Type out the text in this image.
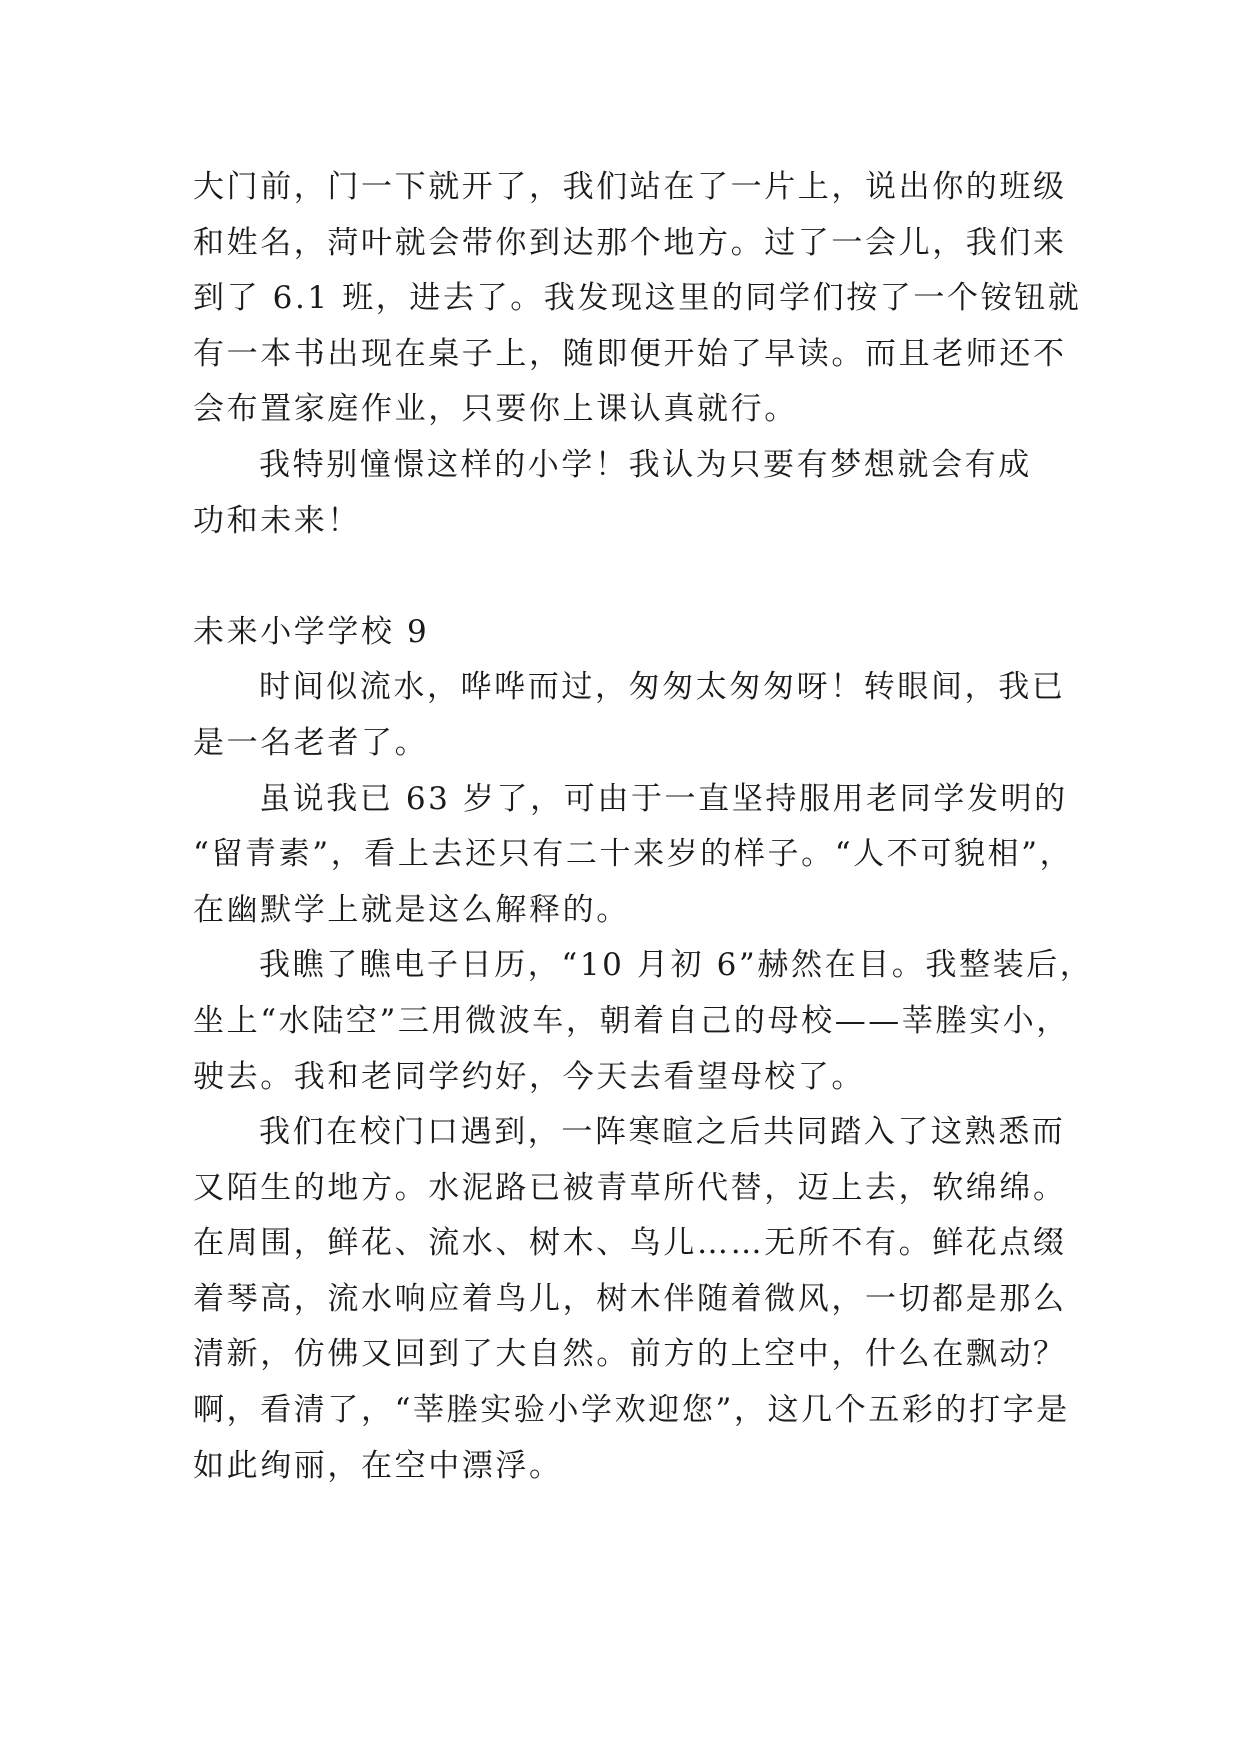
大门前，门一下就开了，我们站在了一片上，说出你的班级
和姓名，菏叶就会带你到达那个地方。过了一会儿，我们来
到了 6.1 班，进去了。我发现这里的同学们按了一个铵钮就
有一本书出现在桌子上，随即便开始了早读。而且老师还不
会布置家庭作业，只要你上课认真就行。
我特别憧憬这样的小学！我认为只要有梦想就会有成
功和未来！
未来小学学校 9
时间似流水，哗哗而过，匆匆太匆匆呀！转眼间，我已
是一名老者了。
虽说我已 63 岁了，可由于一直坚持服用老同学发明的
“留青素”，看上去还只有二十来岁的样子。“人不可貌相”，
在幽默学上就是这么解释的。
我瞧了瞧电子日历，“10 月初 6”赫然在目。我整装后，
坐上“水陆空”三用微波车，朝着自己的母校——莘塍实小，
驶去。我和老同学约好，今天去看望母校了。
我们在校门口遇到，一阵寒暄之后共同踏入了这熟悉而
又陌生的地方。水泥路已被青草所代替，迈上去，软绵绵。
在周围，鲜花、流水、树木、鸟儿……无所不有。鲜花点缀
着琴高，流水响应着鸟儿，树木伴随着微风，一切都是那么
清新，仿佛又回到了大自然。前方的上空中，什么在飘动？
啊，看清了，“莘塍实验小学欢迎您”，这几个五彩的打字是
如此绚丽，在空中漂浮。
